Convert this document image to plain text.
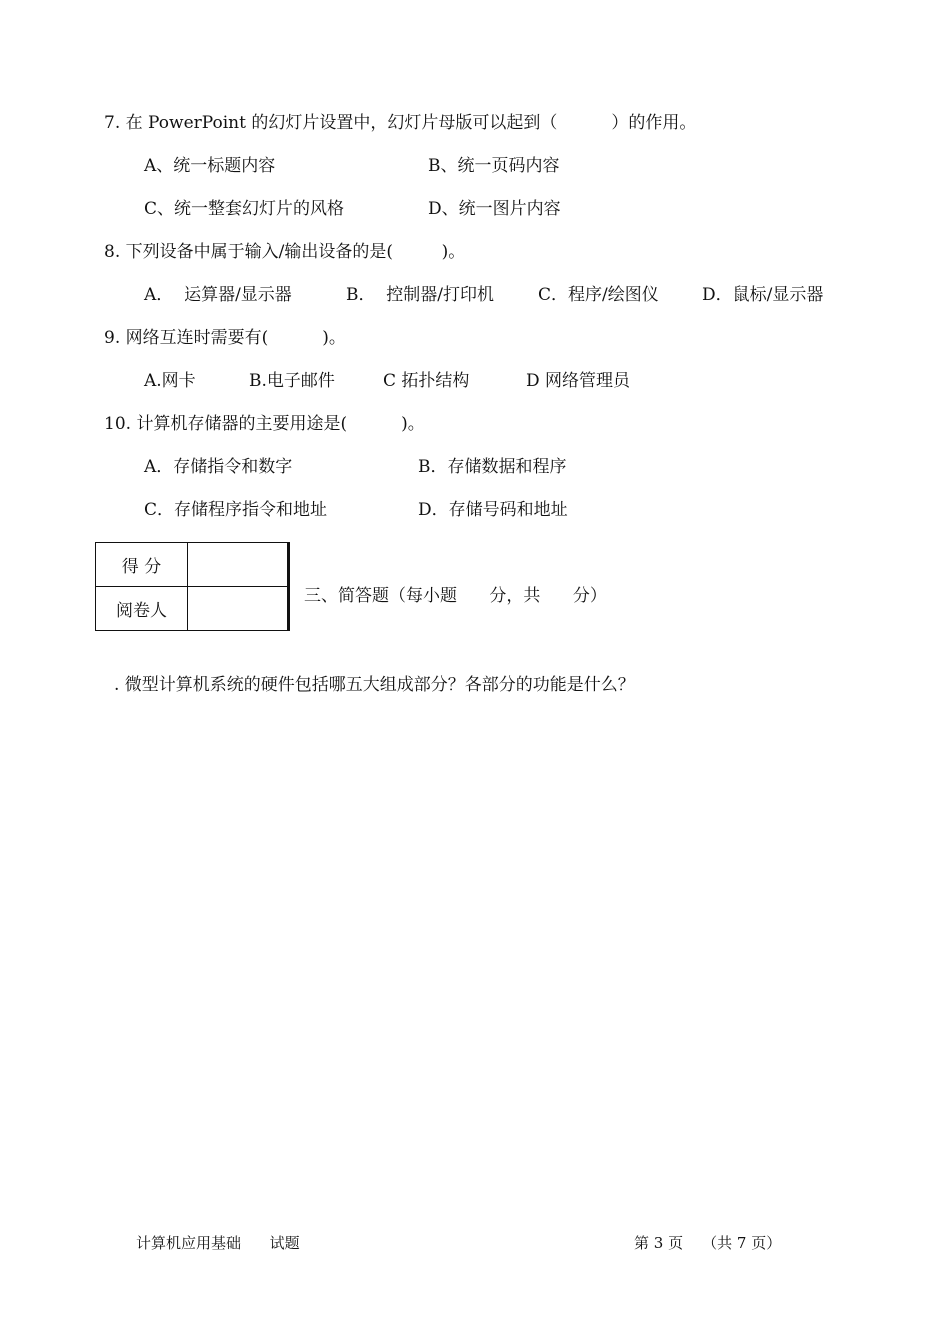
7. 在 PowerPoint 的幻灯片设置中，幻灯片母版可以起到（          ）的作用。
A、统一标题内容	B、统一页码内容
C、统一整套幻灯片的风格	D、统一图片内容
8. 下列设备中属于输入/输出设备的是(         )。
A．  运算器/显示器	B．  控制器/打印机	C．程序/绘图仪	D．鼠标/显示器
9. 网络互连时需要有(          )。
A.网卡	B.电子邮件	C 拓扑结构	D 网络管理员
10. 计算机存储器的主要用途是(          )。
A．存储指令和数字	B．存储数据和程序
C．存储程序指令和地址	D．存储号码和地址
得 分	
阅卷人	
三、简答题（每小题      分，共      分）
. 微型计算机系统的硬件包括哪五大组成部分？各部分的功能是什么？
计算机应用基础      试题	第 3 页    （共 7 页）
